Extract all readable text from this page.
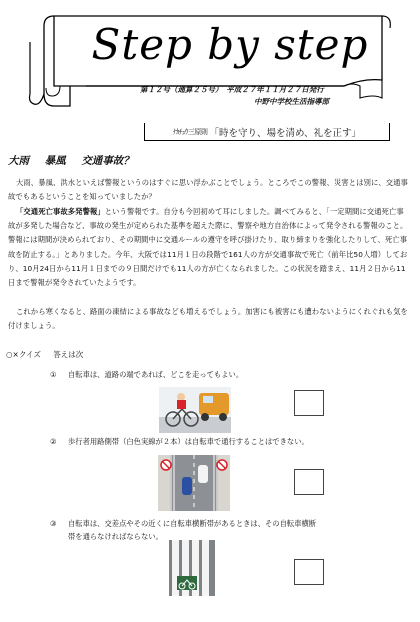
Step by step
第１２号（通算２５号）　平成２７年１１月２７日発行
中野中学校生活指導部
ﾅｶﾁｭｳ三原則 「時を守り、場を清め、礼を正す」
大雨 暴風 交通事故？
大雨、暴風、洪水といえば警報というのはすぐに思い浮かぶことでしょう。ところでこの警報、災害とは別に、交通事故でもあるということを知っていましたか？
「交通死亡事故多発警報」という警報です。自分も今回初めて耳にしました。調べてみると、「一定期間に交通死亡事故が多発した場合など、事故の発生が定められた基準を超えた際に、警察や地方自治体によって発令される警報のこと。警報には期間が決められており、その期間中に交通ルールの遵守を呼び掛けたり、取り締まりを強化したりして、死亡事故を防止する。」とありました。今年、大阪では11月１日の段階で161人の方が交通事故で死亡（前年比50人増）しており、10月24日から11月１日までの９日間だけでも11人の方が亡くなられました。この状況を踏まえ、11月２日から11日まで警報が発令されていたようです。
これから寒くなると、路面の凍結による事故なども増えるでしょう。加害にも被害にも遭わないようにくれぐれも気を付けましょう。
○×クイズ 答えは次
① 自転車は、道路の端であれば、どこを走ってもよい。
② 歩行者用路側帯（白色実線が２本）は自転車で通行することはできない。
③ 自転車は、交差点やその近くに自転車横断帯があるときは、その自転車横断
帯を通らなければならない。
